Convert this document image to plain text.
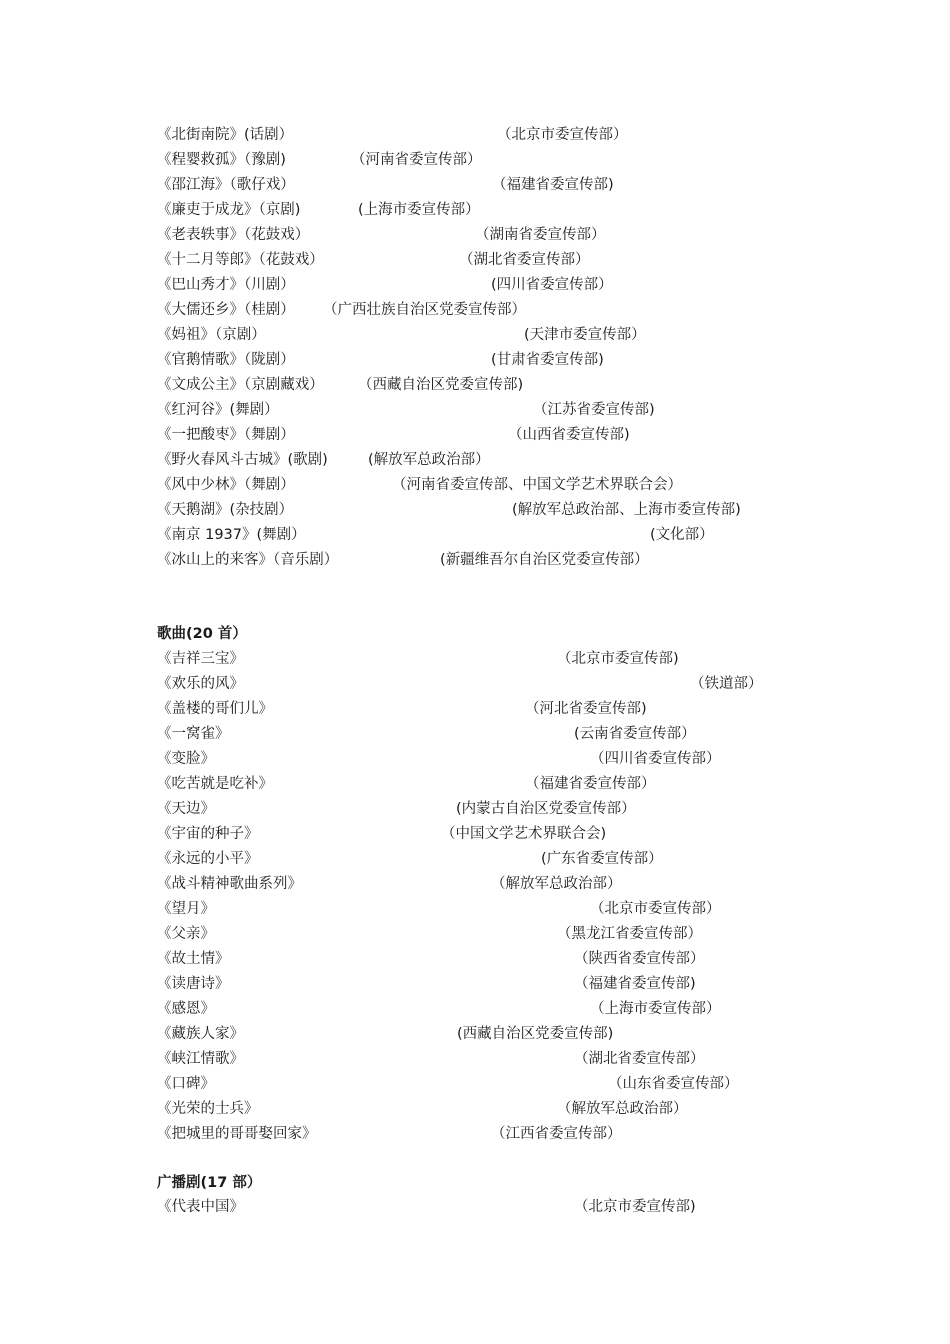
《北街南院》(话剧）	（北京市委宣传部）
《程婴救孤》（豫剧)	（河南省委宣传部）
《邵江海》（歌仔戏）	（福建省委宣传部)
《廉吏于成龙》（京剧)	(上海市委宣传部）
《老表轶事》（花鼓戏）	（湖南省委宣传部）
《十二月等郎》（花鼓戏）	（湖北省委宣传部）
《巴山秀才》（川剧）	(四川省委宣传部）
《大儒还乡》（桂剧） （广西壮族自治区党委宣传部）
《妈祖》（京剧）	(天津市委宣传部）
《官鹅情歌》（陇剧）	(甘肃省委宣传部)
《文成公主》（京剧藏戏） （西藏自治区党委宣传部)
《红河谷》(舞剧）	（江苏省委宣传部)
《一把酸枣》（舞剧）	（山西省委宣传部)
《野火春风斗古城》(歌剧)	(解放军总政治部）
《风中少林》（舞剧）	（河南省委宣传部、中国文学艺术界联合会）
《天鹅湖》(杂技剧）	(解放军总政治部、上海市委宣传部)
《南京 1937》(舞剧）	(文化部）
《冰山上的来客》（音乐剧）	(新疆维吾尔自治区党委宣传部）
歌曲(20 首）
《吉祥三宝》	（北京市委宣传部)
《欢乐的风》	（铁道部）
《盖楼的哥们儿》	（河北省委宣传部)
《一窝雀》	(云南省委宣传部）
《变脸》	（四川省委宣传部）
《吃苦就是吃补》	（福建省委宣传部）
《天边》	(内蒙古自治区党委宣传部）
《宇宙的种子》	（中国文学艺术界联合会)
《永远的小平》	(广东省委宣传部）
《战斗精神歌曲系列》	（解放军总政治部）
《望月》	（北京市委宣传部）
《父亲》	（黑龙江省委宣传部）
《故土情》	（陕西省委宣传部）
《读唐诗》	（福建省委宣传部)
《感恩》	（上海市委宣传部）
《藏族人家》	(西藏自治区党委宣传部)
《峡江情歌》	（湖北省委宣传部）
《口碑》	（山东省委宣传部）
《光荣的士兵》	（解放军总政治部）
《把城里的哥哥娶回家》	（江西省委宣传部）
广播剧(17 部）
《代表中国》	（北京市委宣传部)
